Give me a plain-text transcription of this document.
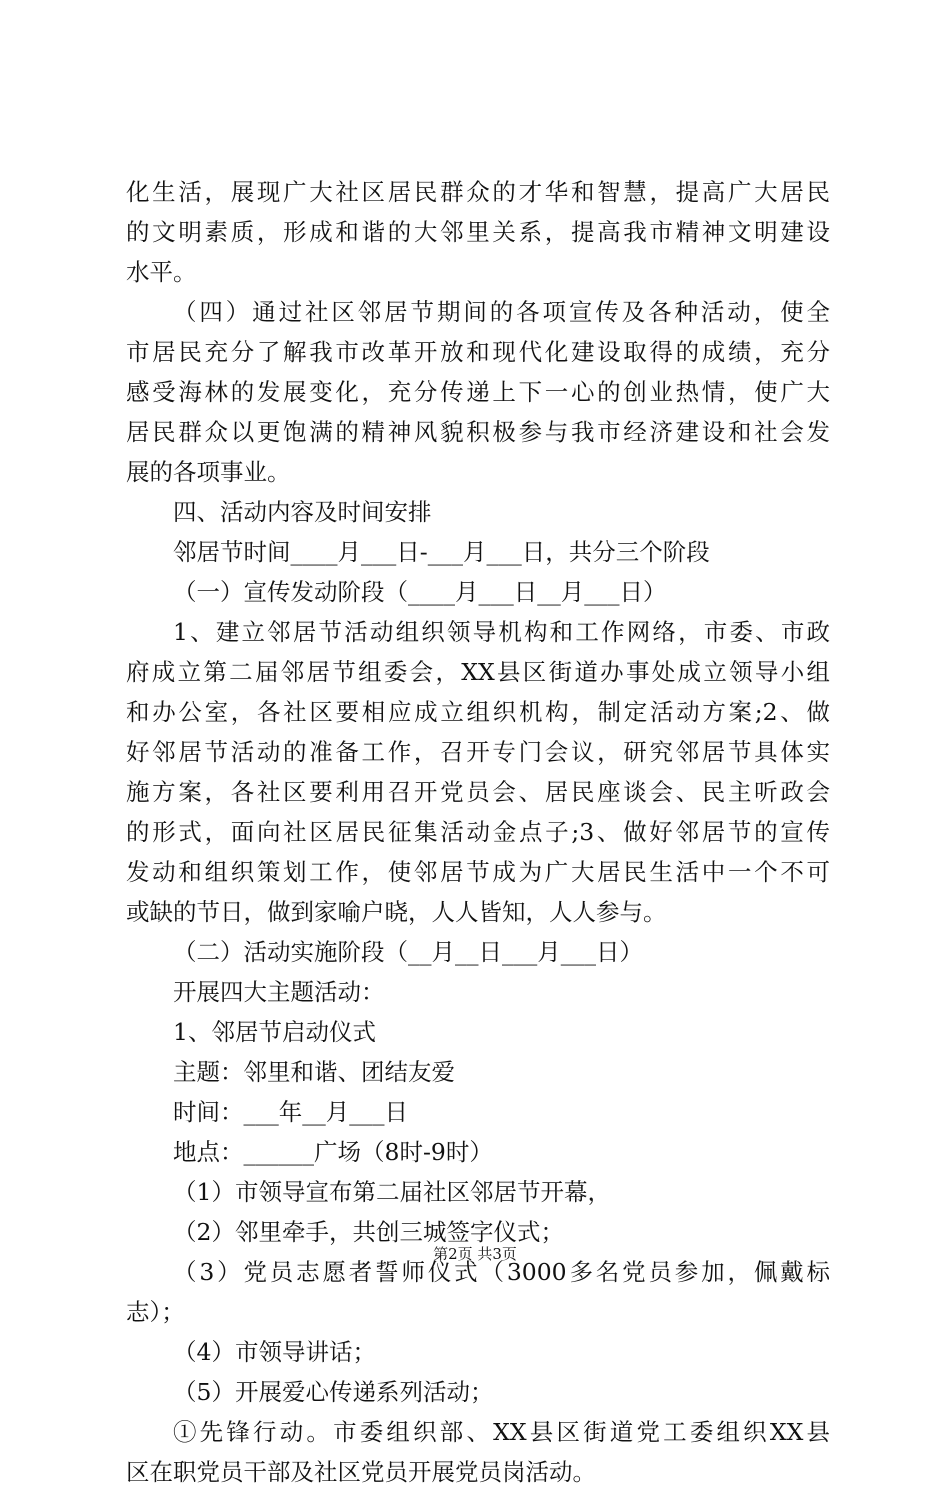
化生活，展现广大社区居民群众的才华和智慧，提高广大居民
的文明素质，形成和谐的大邻里关系，提高我市精神文明建设
水平。
（四）通过社区邻居节期间的各项宣传及各种活动，使全
市居民充分了解我市改革开放和现代化建设取得的成绩，充分
感受海林的发展变化，充分传递上下一心的创业热情，使广大
居民群众以更饱满的精神风貌积极参与我市经济建设和社会发
展的各项事业。
四、活动内容及时间安排
邻居节时间____月___日-___月___日，共分三个阶段
（一）宣传发动阶段（____月___日__月___日）
1、建立邻居节活动组织领导机构和工作网络，市委、市政
府成立第二届邻居节组委会，XX县区街道办事处成立领导小组
和办公室，各社区要相应成立组织机构，制定活动方案;2、做
好邻居节活动的准备工作，召开专门会议，研究邻居节具体实
施方案，各社区要利用召开党员会、居民座谈会、民主听政会
的形式，面向社区居民征集活动金点子;3、做好邻居节的宣传
发动和组织策划工作，使邻居节成为广大居民生活中一个不可
或缺的节日，做到家喻户晓，人人皆知，人人参与。
（二）活动实施阶段（__月__日___月___日）
开展四大主题活动：
1、邻居节启动仪式
主题：邻里和谐、团结友爱
时间：___年__月___日
地点：______广场（8时-9时）
（1）市领导宣布第二届社区邻居节开幕，
（2）邻里牵手，共创三城签字仪式；
（3）党员志愿者誓师仪式（3000多名党员参加，佩戴标
志）；
（4）市领导讲话；
（5）开展爱心传递系列活动；
①先锋行动。市委组织部、XX县区街道党工委组织XX县
区在职党员干部及社区党员开展党员岗活动。
第2页 共3页
